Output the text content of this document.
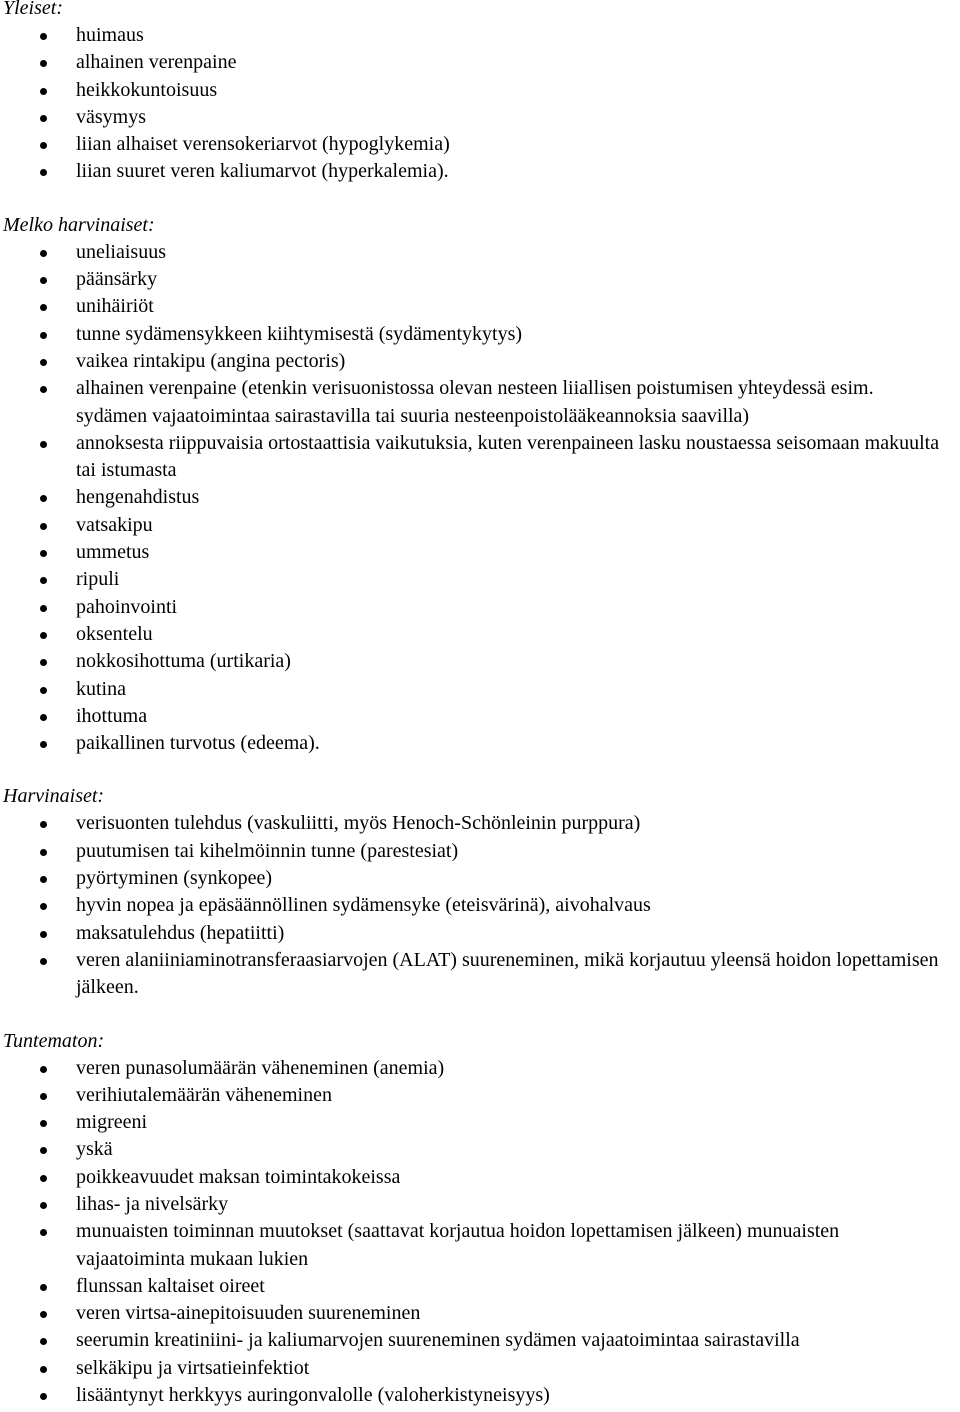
Yleiset:
huimaus
alhainen verenpaine
heikkokuntoisuus
väsymys
liian alhaiset verensokeriarvot (hypoglykemia)
liian suuret veren kaliumarvot (hyperkalemia).
Melko harvinaiset:
uneliaisuus
päänsärky
unihäiriöt
tunne sydämensykkeen kiihtymisestä (sydämentykytys)
vaikea rintakipu (angina pectoris)
alhainen verenpaine (etenkin verisuonistossa olevan nesteen liiallisen poistumisen yhteydessä esim. sydämen vajaatoimintaa sairastavilla tai suuria nesteenpoistolääkeannoksia saavilla)
annoksesta riippuvaisia ortostaattisia vaikutuksia, kuten verenpaineen lasku noustaessa seisomaan makuulta tai istumasta
hengenahdistus
vatsakipu
ummetus
ripuli
pahoinvointi
oksentelu
nokkosihottuma (urtikaria)
kutina
ihottuma
paikallinen turvotus (edeema).
Harvinaiset:
verisuonten tulehdus (vaskuliitti, myös Henoch-Schönleinin purppura)
puutumisen tai kihelmöinnin tunne (parestesiat)
pyörtyminen (synkopee)
hyvin nopea ja epäsäännöllinen sydämensyke (eteisvärinä), aivohalvaus
maksatulehdus (hepatiitti)
veren alaniiniaminotransferaasiarvojen (ALAT) suureneminen, mikä korjautuu yleensä hoidon lopettamisen jälkeen.
Tuntematon:
veren punasolumäärän väheneminen (anemia)
verihiutalemäärän väheneminen
migreeni
yskä
poikkeavuudet maksan toimintakokeissa
lihas- ja nivelsärky
munuaisten toiminnan muutokset (saattavat korjautua hoidon lopettamisen jälkeen) munuaisten vajaatoiminta mukaan lukien
flunssan kaltaiset oireet
veren virtsa-ainepitoisuuden suureneminen
seerumin kreatiniini- ja kaliumarvojen suureneminen sydämen vajaatoimintaa sairastavilla
selkäkipu ja virtsatieinfektiot
lisääntynyt herkkyys auringonvalolle (valoherkistyneisyys)
